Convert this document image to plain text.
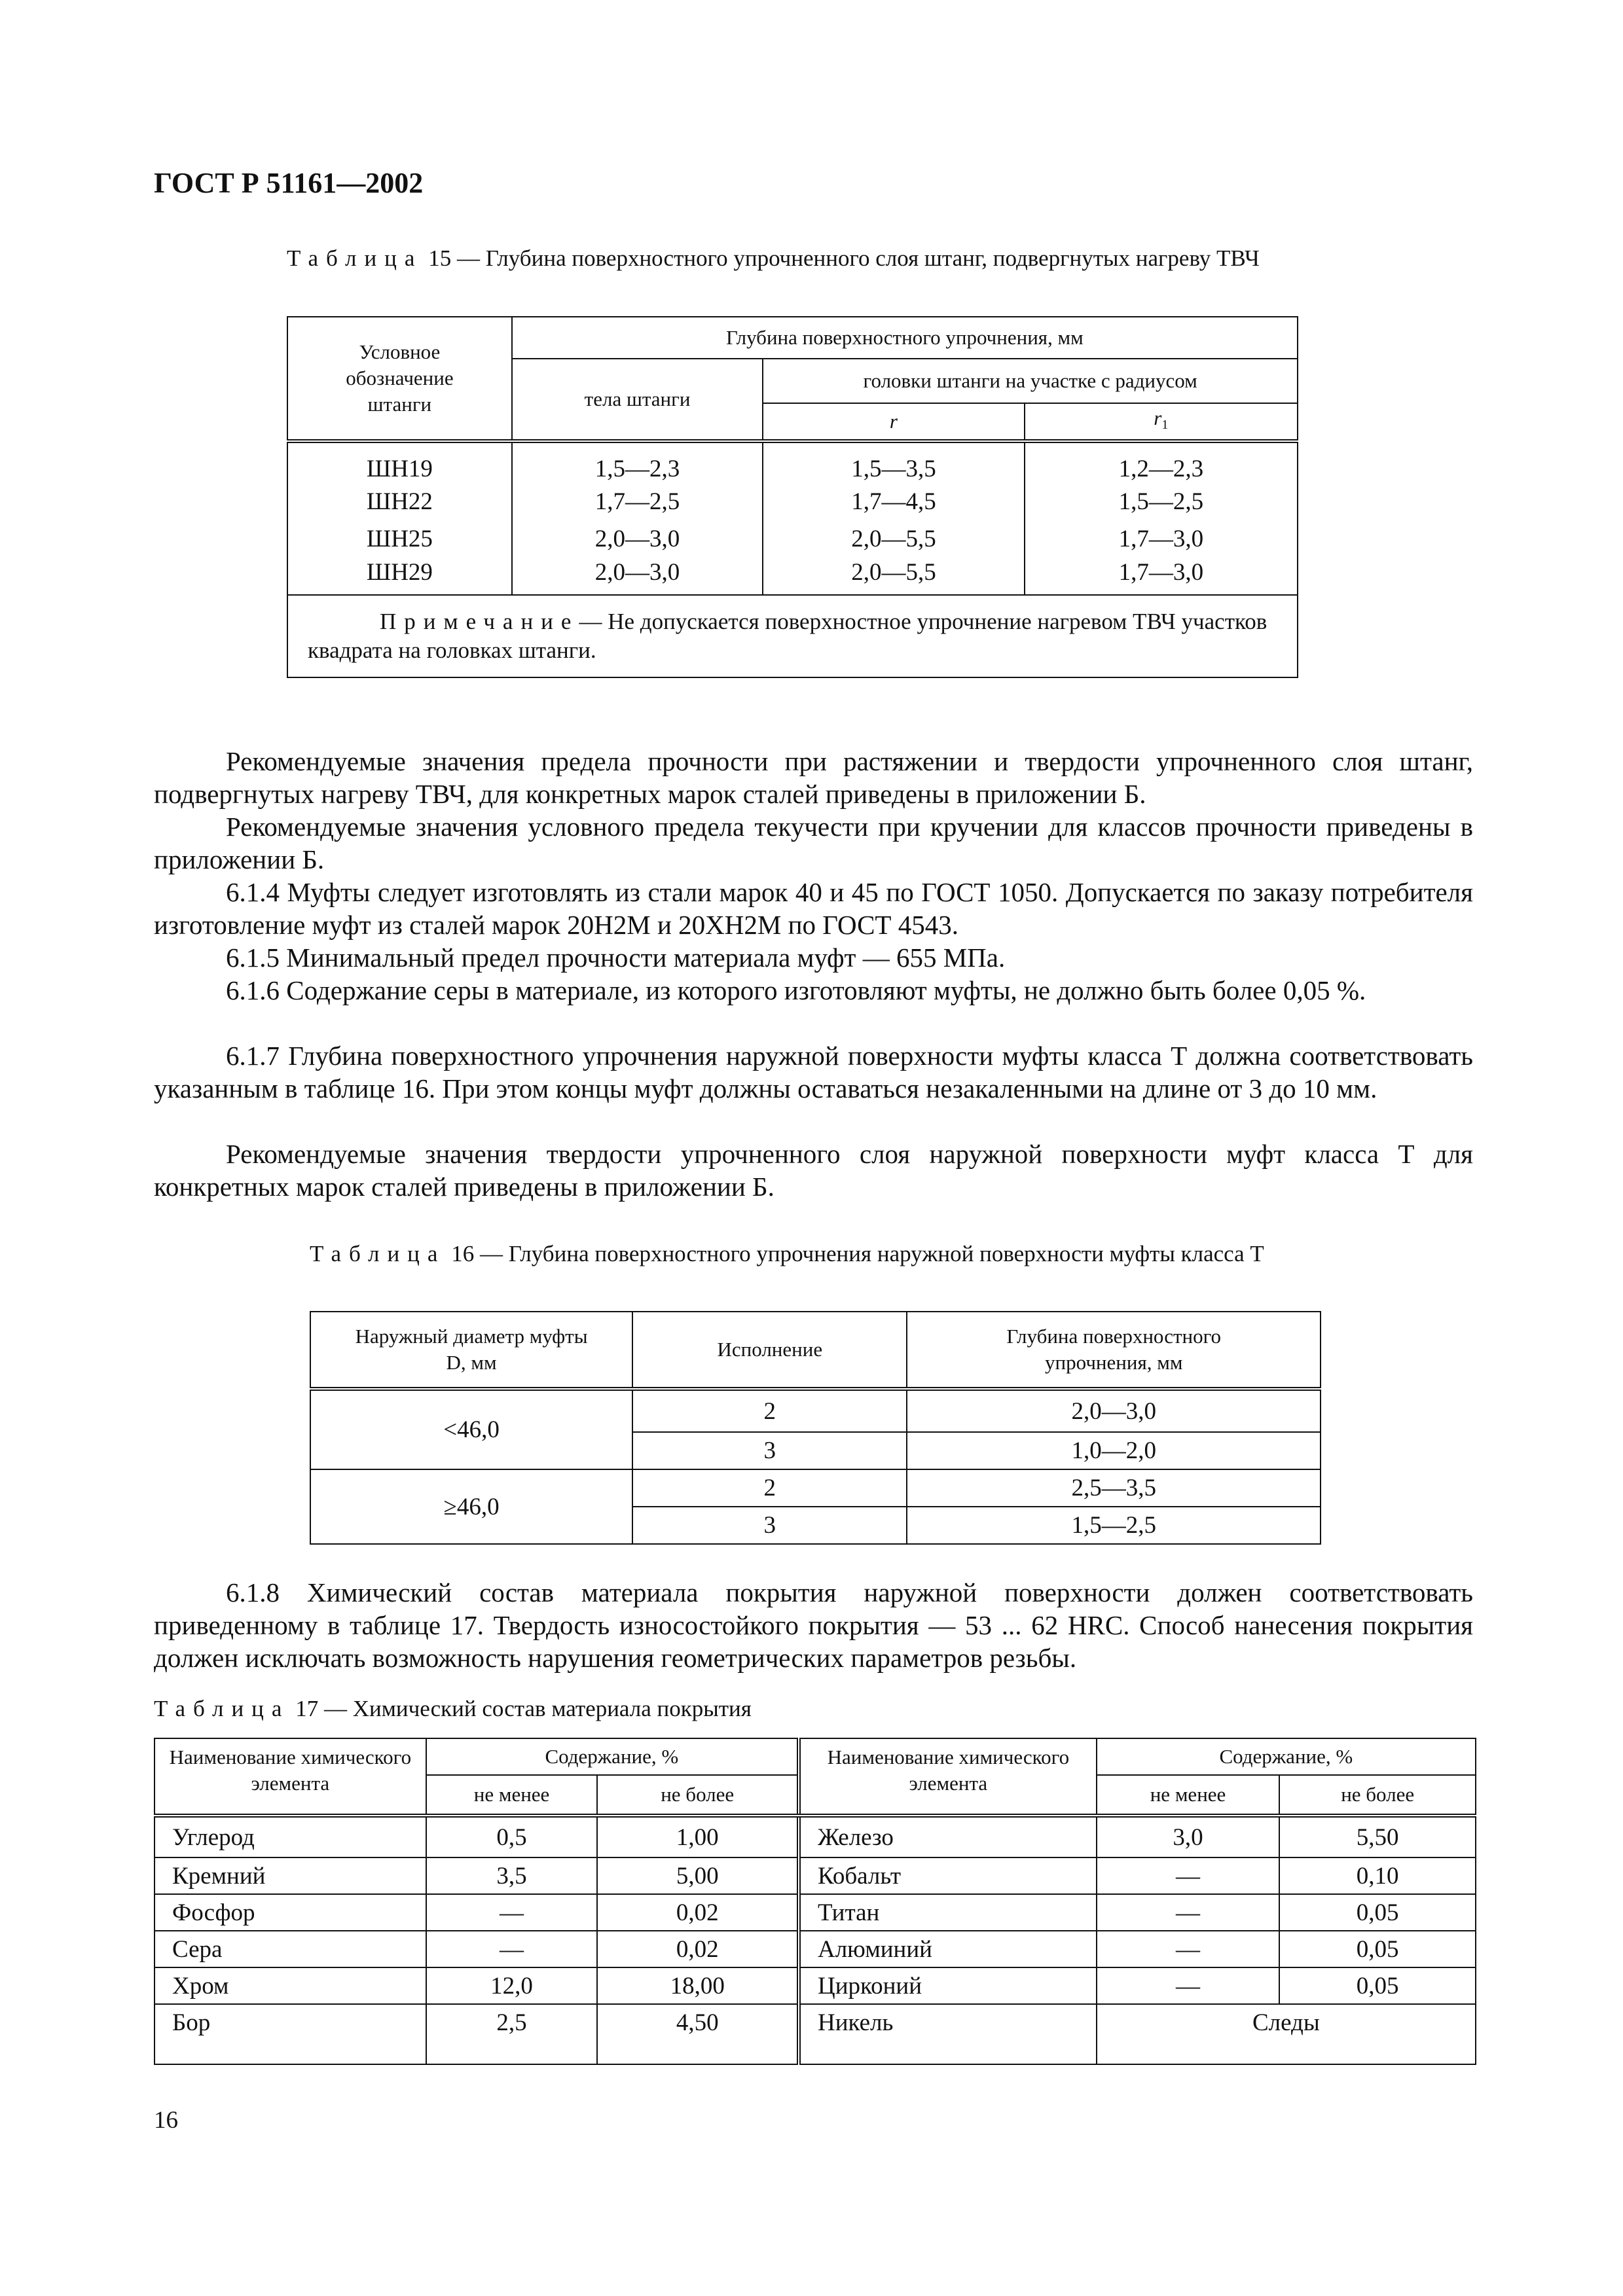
ГОСТ Р 51161—2002
Таблица 15 — Глубина поверхностного упрочненного слоя штанг, подвергнутых нагреву ТВЧ
Условное обозначение штанги	Глубина поверхностного упрочнения, мм		
	тела штанги	головки штанги на участке с радиусом	
		r	$r_1$
ШН19	1,5—2,3	1,5—3,5	1,2—2,3
ШН22	1,7—2,5	1,7—4,5	1,5—2,5
ШН25	2,0—3,0	2,0—5,5	1,7—3,0
ШН29	2,0—3,0	2,0—5,5	1,7—3,0
Примечание— Не допускается поверхностное упрочнение нагревом ТВЧ участков квадрата на головках штанги.			
Рекомендуемые значения предела прочности при растяжении и твердости упрочненного слоя штанг, подвергнутых нагреву ТВЧ, для конкретных марок сталей приведены в приложении Б.
Рекомендуемые значения условного предела текучести при кручении для классов прочности приведены в приложении Б.
6.1.4 Муфты следует изготовлять из стали марок 40 и 45 по ГОСТ 1050. Допускается по заказу потребителя изготовление муфт из сталей марок 20Н2М и 20ХН2М по ГОСТ 4543.
6.1.5 Минимальный предел прочности материала муфт — 655 МПа.
6.1.6 Содержание серы в материале, из которого изготовляют муфты, не должно быть более 0,05 %.
6.1.7 Глубина поверхностного упрочнения наружной поверхности муфты класса Т должна соответствовать указанным в таблице 16. При этом концы муфт должны оставаться незакаленными на длине от 3 до 10 мм.
Рекомендуемые значения твердости упрочненного слоя наружной поверхности муфт класса Т для конкретных марок сталей приведены в приложении Б.
Таблица 16 — Глубина поверхностного упрочнения наружной поверхности муфты класса Т
Наружный диаметр муфты
D, мм	Исполнение	Глубина поверхностного упрочнения, мм
<46,0	2	2,0—3,0
	3	1,0—2,0
≥46,0	2	2,5—3,5
	3	1,5—2,5
6.1.8 Химический состав материала покрытия наружной поверхности должен соответствовать приведенному в таблице 17. Твердость износостойкого покрытия — 53 ... 62 HRC. Способ нанесения покрытия должен исключать возможность нарушения геометрических параметров резьбы.
Таблица 17 — Химический состав материала покрытия
Наименование химического элемента	Содержание, %		Наименование химического элемента	Содержание, %	
	не менее	не более		не менее	не более
Углерод	0,5	1,00	Железо	3,0	5,50
Кремний	3,5	5,00	Кобальт	—	0,10
Фосфор	—	0,02	Титан	—	0,05
Сера	—	0,02	Алюминий	—	0,05
Хром	12,0	18,00	Цирконий	—	0,05
Бор	2,5	4,50	Никель	Следы	
16
